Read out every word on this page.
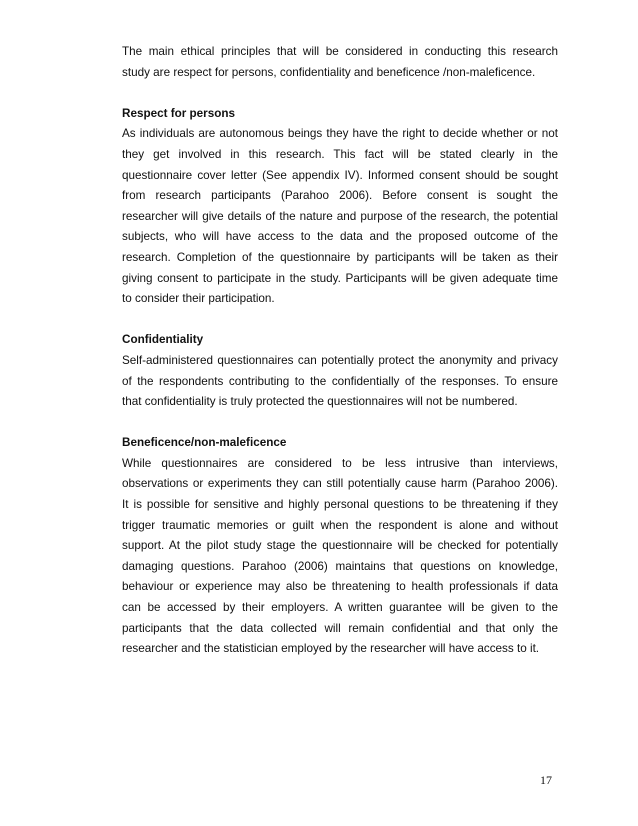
The main ethical principles that will be considered in conducting this research
study are respect for persons, confidentiality and beneficence /non-maleficence.
Respect for persons
As individuals are autonomous beings they have the right to decide whether or not
they get involved in this research. This fact will be stated clearly in the
questionnaire cover letter (See appendix IV). Informed consent should be sought
from research participants (Parahoo 2006). Before consent is sought the
researcher will give details of the nature and purpose of the research, the potential
subjects, who will have access to the data and the proposed outcome of the
research. Completion of the questionnaire by participants will be taken as their
giving consent to participate in the study. Participants will be given adequate time
to consider their participation.
Confidentiality
Self-administered questionnaires can potentially protect the anonymity and privacy
of the respondents contributing to the confidentially of the responses. To ensure
that confidentiality is truly protected the questionnaires will not be numbered.
Beneficence/non-maleficence
While questionnaires are considered to be less intrusive than interviews,
observations or experiments they can still potentially cause harm (Parahoo 2006).
It is possible for sensitive and highly personal questions to be threatening if they
trigger traumatic memories or guilt when the respondent is alone and without
support. At the pilot study stage the questionnaire will be checked for potentially
damaging questions. Parahoo (2006) maintains that questions on knowledge,
behaviour or experience may also be threatening to health professionals if data
can be accessed by their employers. A written guarantee will be given to the
participants that the data collected will remain confidential and that only the
researcher and the statistician employed by the researcher will have access to it.
17
